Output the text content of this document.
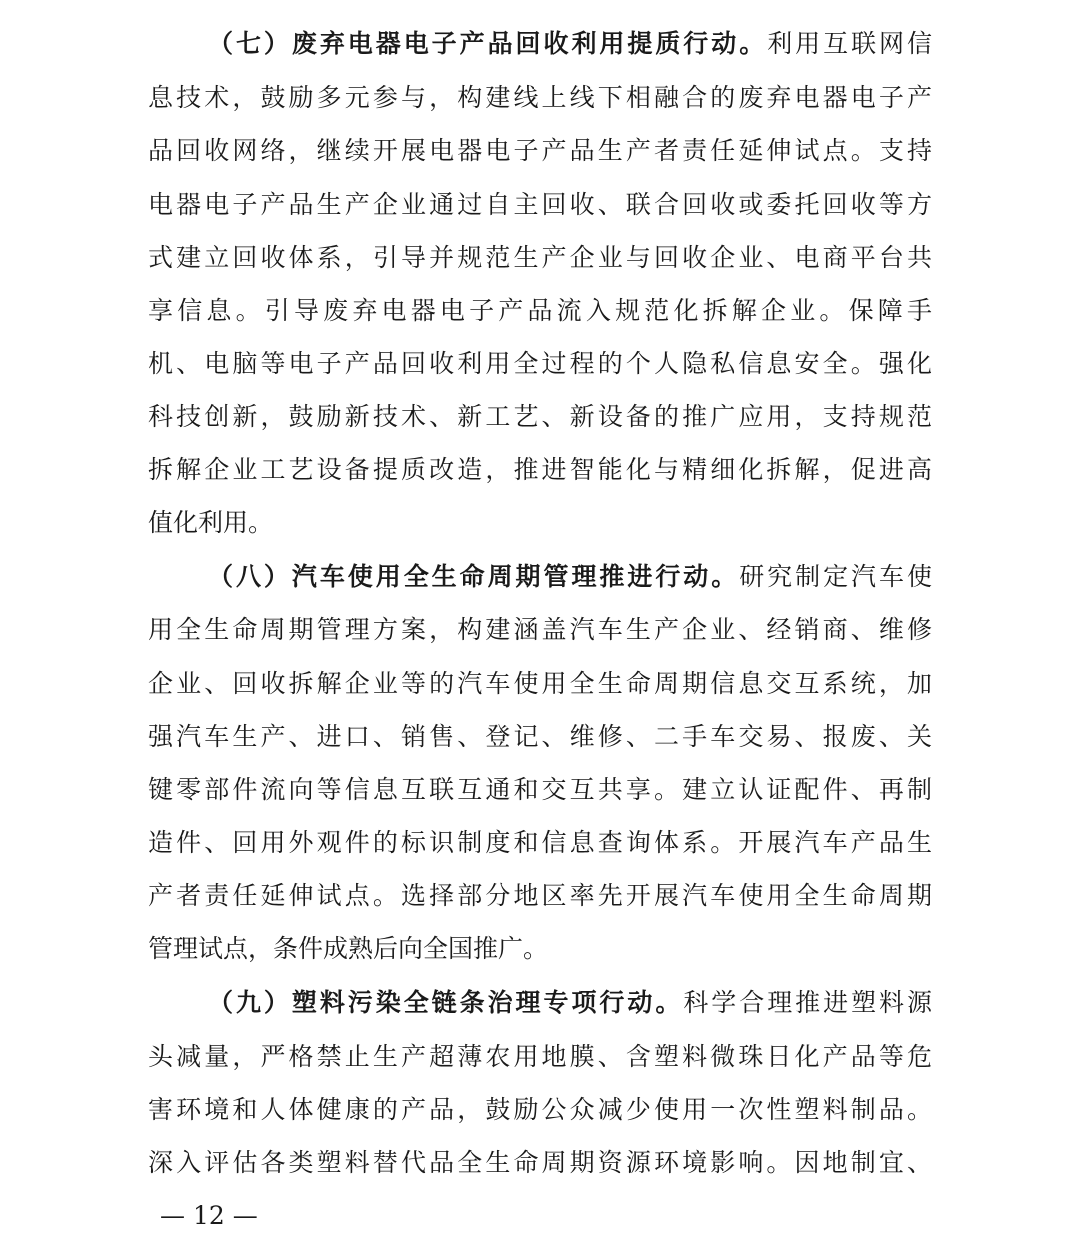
（七）废弃电器电子产品回收利用提质行动。利用互联网信
息技术，鼓励多元参与，构建线上线下相融合的废弃电器电子产
品回收网络，继续开展电器电子产品生产者责任延伸试点。支持
电器电子产品生产企业通过自主回收、联合回收或委托回收等方
式建立回收体系，引导并规范生产企业与回收企业、电商平台共
享信息。引导废弃电器电子产品流入规范化拆解企业。保障手
机、电脑等电子产品回收利用全过程的个人隐私信息安全。强化
科技创新，鼓励新技术、新工艺、新设备的推广应用，支持规范
拆解企业工艺设备提质改造，推进智能化与精细化拆解，促进高
值化利用。
（八）汽车使用全生命周期管理推进行动。研究制定汽车使
用全生命周期管理方案，构建涵盖汽车生产企业、经销商、维修
企业、回收拆解企业等的汽车使用全生命周期信息交互系统，加
强汽车生产、进口、销售、登记、维修、二手车交易、报废、关
键零部件流向等信息互联互通和交互共享。建立认证配件、再制
造件、回用外观件的标识制度和信息查询体系。开展汽车产品生
产者责任延伸试点。选择部分地区率先开展汽车使用全生命周期
管理试点，条件成熟后向全国推广。
（九）塑料污染全链条治理专项行动。科学合理推进塑料源
头减量，严格禁止生产超薄农用地膜、含塑料微珠日化产品等危
害环境和人体健康的产品，鼓励公众减少使用一次性塑料制品。
深入评估各类塑料替代品全生命周期资源环境影响。因地制宜、
— 12 —
